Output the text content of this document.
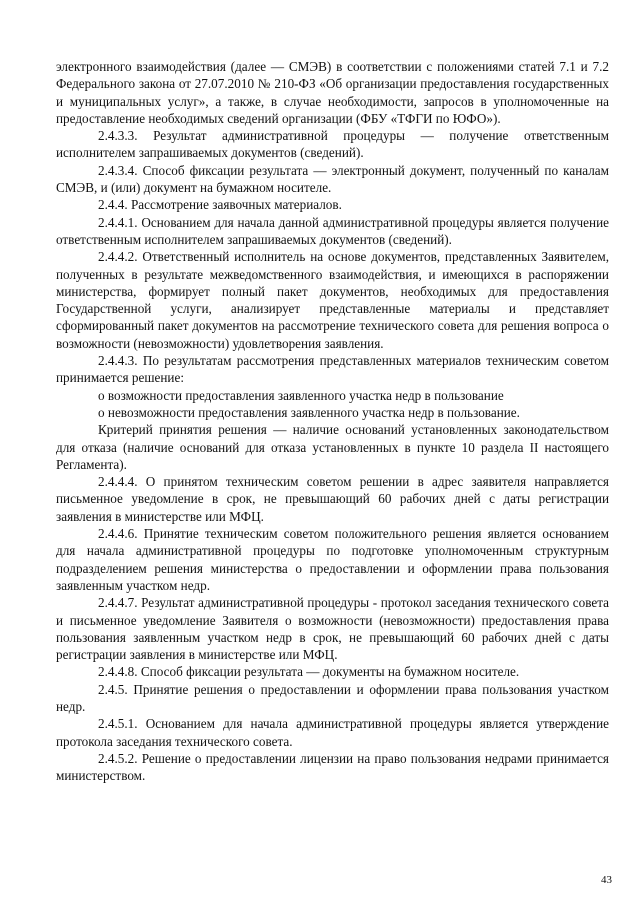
электронного взаимодействия (далее — СМЭВ) в соответствии с положениями статей 7.1 и 7.2 Федерального закона от 27.07.2010 № 210-ФЗ «Об организации предоставления государственных и муниципальных услуг», а также, в случае необходимости, запросов в уполномоченные на предоставление необходимых сведений организации (ФБУ «ТФГИ по ЮФО»).

2.4.3.3. Результат административной процедуры — получение ответственным исполнителем запрашиваемых документов (сведений).

2.4.3.4. Способ фиксации результата — электронный документ, полученный по каналам СМЭВ, и (или) документ на бумажном носителе.

2.4.4. Рассмотрение заявочных материалов.

2.4.4.1. Основанием для начала данной административной процедуры является получение ответственным исполнителем запрашиваемых документов (сведений).

2.4.4.2. Ответственный исполнитель на основе документов, представленных Заявителем, полученных в результате межведомственного взаимодействия, и имеющихся в распоряжении министерства, формирует полный пакет документов, необходимых для предоставления Государственной услуги, анализирует представленные материалы и представляет сформированный пакет документов на рассмотрение технического совета для решения вопроса о возможности (невозможности) удовлетворения заявления.

2.4.4.3. По результатам рассмотрения представленных материалов техническим советом принимается решение:

о возможности предоставления заявленного участка недр в пользование

о невозможности предоставления заявленного участка недр в пользование.

Критерий принятия решения — наличие оснований установленных законодательством для отказа (наличие оснований для отказа установленных в пункте 10 раздела II настоящего Регламента).

2.4.4.4. О принятом техническим советом решении в адрес заявителя направляется письменное уведомление в срок, не превышающий 60 рабочих дней с даты регистрации заявления в министерстве или МФЦ.

2.4.4.6. Принятие техническим советом положительного решения является основанием для начала административной процедуры по подготовке уполномоченным структурным подразделением решения министерства о предоставлении и оформлении права пользования заявленным участком недр.

2.4.4.7. Результат административной процедуры - протокол заседания технического совета и письменное уведомление Заявителя о возможности (невозможности) предоставления права пользования заявленным участком недр в срок, не превышающий 60 рабочих дней с даты регистрации заявления в министерстве или МФЦ.

2.4.4.8. Способ фиксации результата — документы на бумажном носителе.

2.4.5. Принятие решения о предоставлении и оформлении права пользования участком недр.

2.4.5.1. Основанием для начала административной процедуры является утверждение протокола заседания технического совета.

2.4.5.2. Решение о предоставлении лицензии на право пользования недрами принимается министерством.

43
